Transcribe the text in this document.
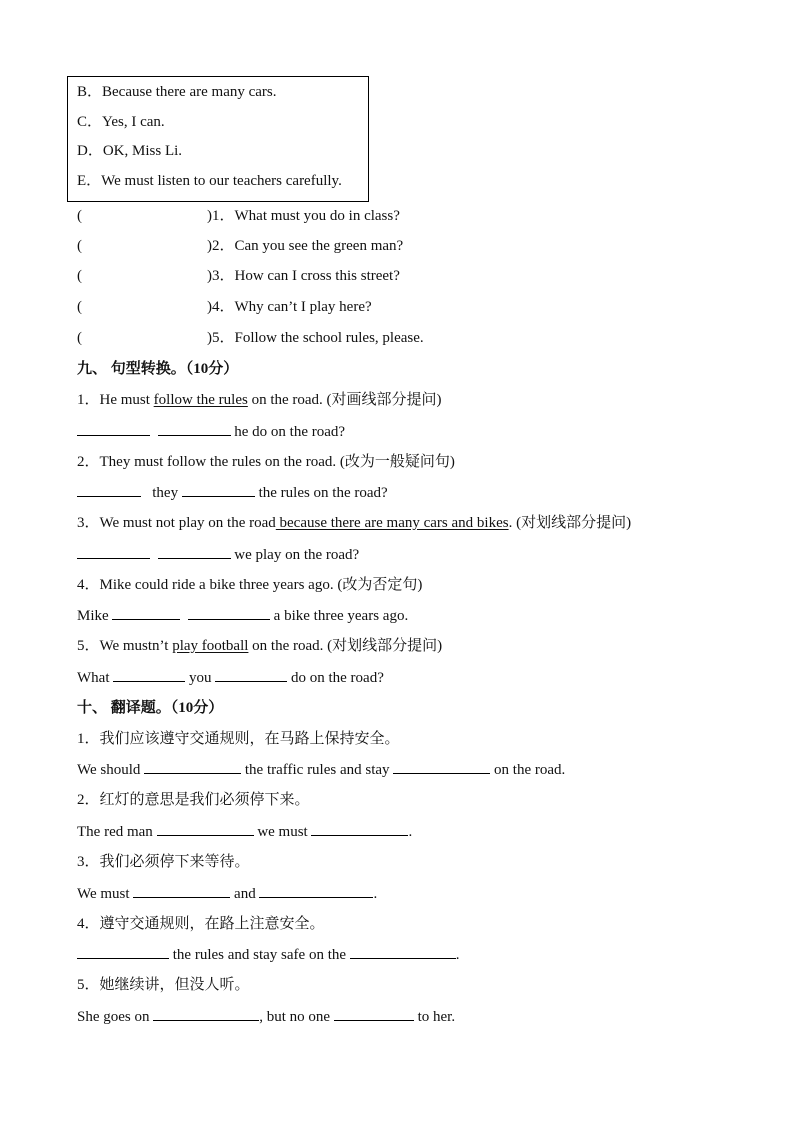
B．Because there are many cars.
C．Yes, I can.
D．OK, Miss Li.
E．We must listen to our teachers carefully.
(	)1．What must you do in class?
(	)2．Can you see the green man?
(	)3．How can I cross this street?
(	)4．Why can’t I play here?
(	)5．Follow the school rules, please.
九、 句型转换。（10分）
1．He must follow the rules on the road. (对画线部分提问)
he do on the road?
2．They must follow the rules on the road. (改为一般疑问句)
they	the rules on the road?
3．We must not play on the road because there are many cars and bikes. (对划线部分提问)
we play on the road?
4．Mike could ride a bike three years ago. (改为否定句)
Mike	a bike three years ago.
5．We mustn’t play football on the road. (对划线部分提问)
What	you	do on the road?
十、 翻译题。（10分）
1．我们应该遵守交通规则，在马路上保持安全。
We should	the traffic rules and stay	on the road.
2．红灯的意思是我们必须停下来。
The red man	we must	.
3．我们必须停下来等待。
We must	and	.
4．遵守交通规则，在路上注意安全。
the rules and stay safe on the	.
5．她继续讲，但没人听。
She goes on	, but no one	to her.
